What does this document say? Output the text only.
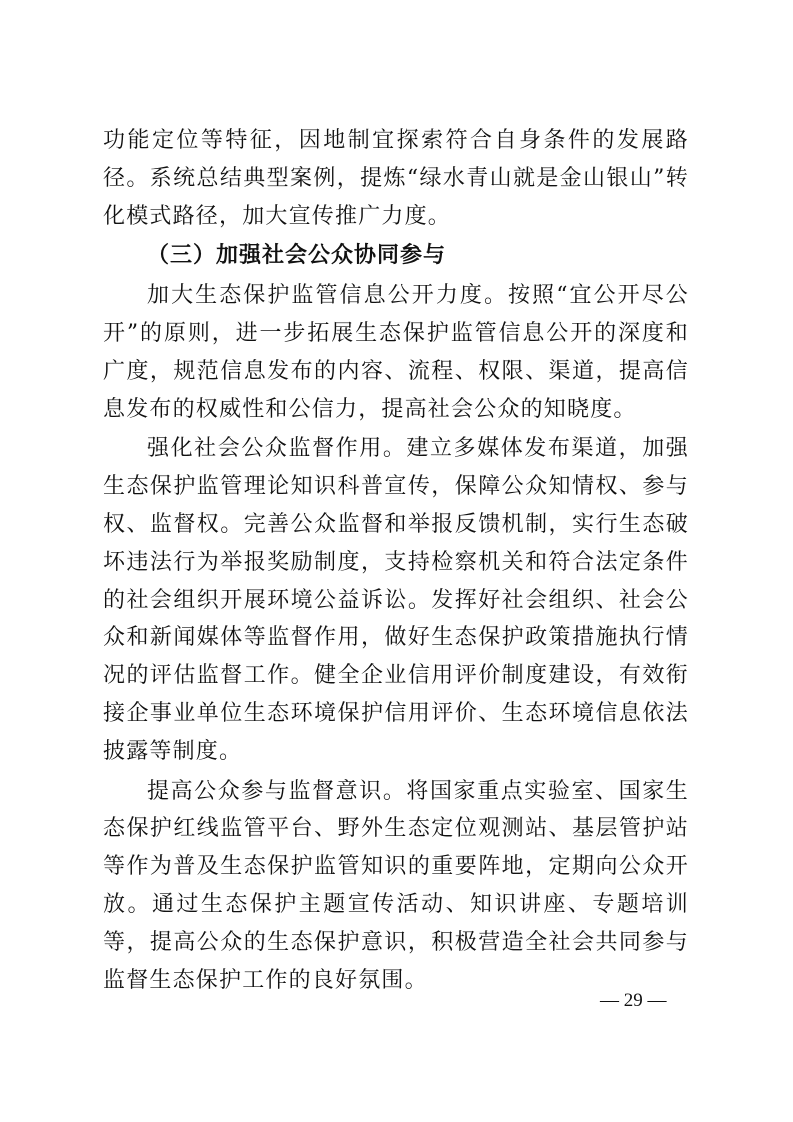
功能定位等特征，因地制宜探索符合自身条件的发展路径。系统总结典型案例，提炼“绿水青山就是金山银山”转化模式路径，加大宣传推广力度。

（三）加强社会公众协同参与

加大生态保护监管信息公开力度。按照“宜公开尽公开”的原则，进一步拓展生态保护监管信息公开的深度和广度，规范信息发布的内容、流程、权限、渠道，提高信息发布的权威性和公信力，提高社会公众的知晓度。

强化社会公众监督作用。建立多媒体发布渠道，加强生态保护监管理论知识科普宣传，保障公众知情权、参与权、监督权。完善公众监督和举报反馈机制，实行生态破坏违法行为举报奖励制度，支持检察机关和符合法定条件的社会组织开展环境公益诉讼。发挥好社会组织、社会公众和新闻媒体等监督作用，做好生态保护政策措施执行情况的评估监督工作。健全企业信用评价制度建设，有效衔接企事业单位生态环境保护信用评价、生态环境信息依法披露等制度。

提高公众参与监督意识。将国家重点实验室、国家生态保护红线监管平台、野外生态定位观测站、基层管护站等作为普及生态保护监管知识的重要阵地，定期向公众开放。通过生态保护主题宣传活动、知识讲座、专题培训等，提高公众的生态保护意识，积极营造全社会共同参与监督生态保护工作的良好氛围。

— 29 —
